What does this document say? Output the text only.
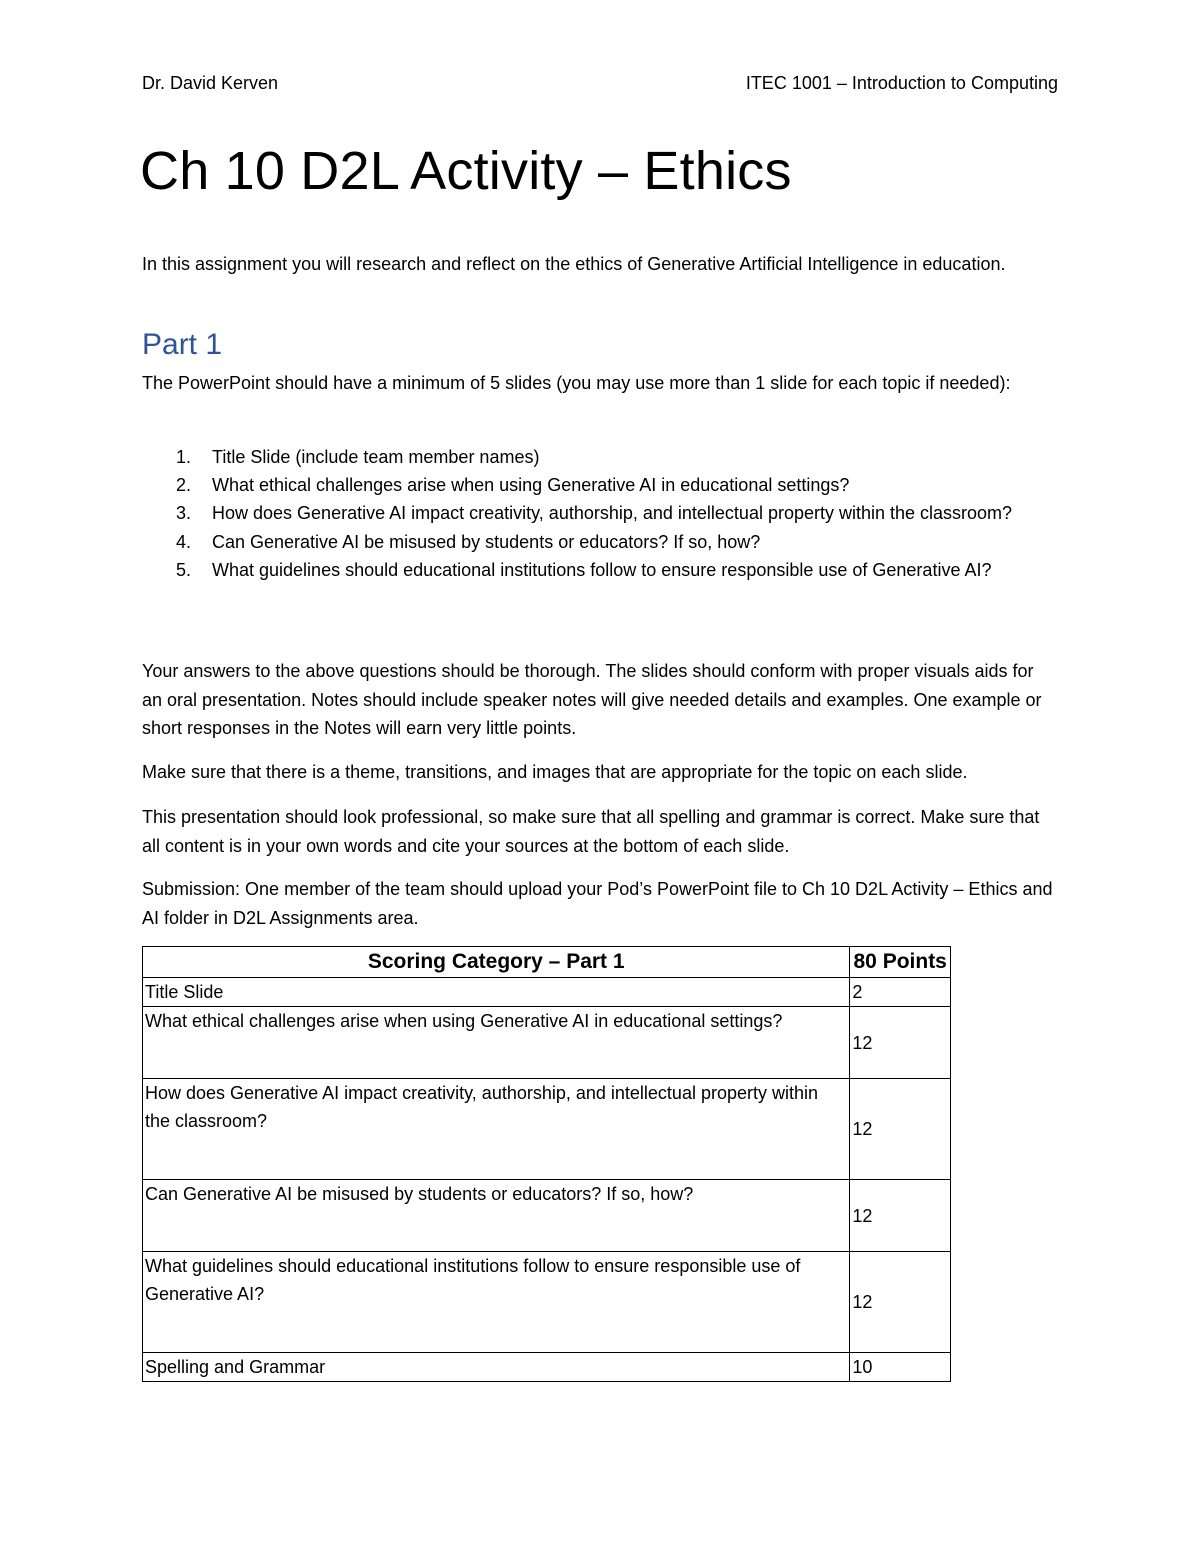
Dr. David Kerven	ITEC 1001 – Introduction to Computing
Ch 10 D2L Activity – Ethics

In this assignment you will research and reflect on the ethics of Generative Artificial Intelligence in education.

Part 1

The PowerPoint should have a minimum of 5 slides (you may use more than 1 slide for each topic if needed):

1.	Title Slide (include team member names)
2.	What ethical challenges arise when using Generative AI in educational settings?
3.	How does Generative AI impact creativity, authorship, and intellectual property within the classroom?
4.	Can Generative AI be misused by students or educators? If so, how?
5.	What guidelines should educational institutions follow to ensure responsible use of Generative AI?

Your answers to the above questions should be thorough. The slides should conform with proper visuals aids for an oral presentation. Notes should include speaker notes will give needed details and examples. One example or short responses in the Notes will earn very little points.

Make sure that there is a theme, transitions, and images that are appropriate for the topic on each slide.

This presentation should look professional, so make sure that all spelling and grammar is correct. Make sure that all content is in your own words and cite your sources at the bottom of each slide.

Submission: One member of the team should upload your Pod’s PowerPoint file to Ch 10 D2L Activity – Ethics and AI folder in D2L Assignments area.

Scoring Category – Part 1	80 Points
Title Slide	2
What ethical challenges arise when using Generative AI in educational settings?	12
How does Generative AI impact creativity, authorship, and intellectual property within the classroom?	12
Can Generative AI be misused by students or educators? If so, how?	12
What guidelines should educational institutions follow to ensure responsible use of Generative AI?	12
Spelling and Grammar	10
